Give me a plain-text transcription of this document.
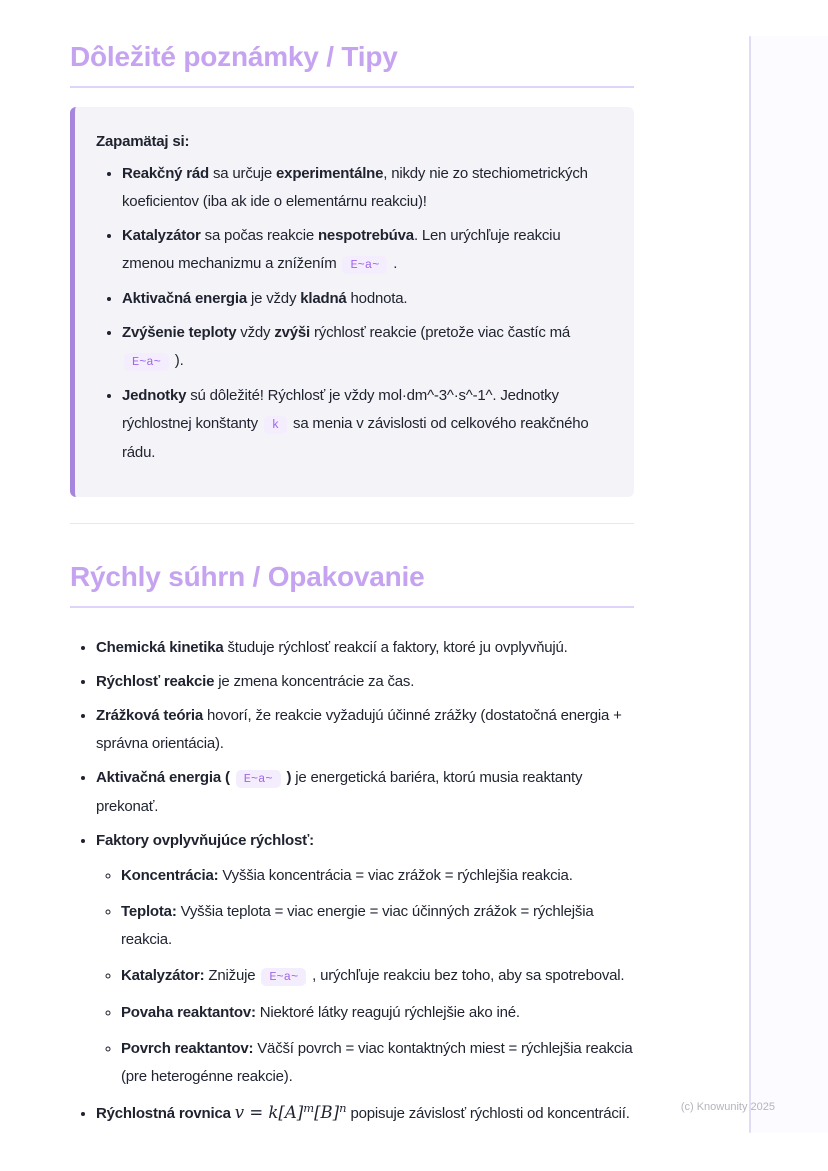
Dôležité poznámky / Tipy

Zapamätaj si:

• Reakčný rád sa určuje experimentálne, nikdy nie zo stechiometrických koeficientov (iba ak ide o elementárnu reakciu)!
• Katalyzátor sa počas reakcie nespotrebúva. Len urýchľuje reakciu zmenou mechanizmu a znížením E~a~ .
• Aktivačná energia je vždy kladná hodnota.
• Zvýšenie teploty vždy zvýši rýchlosť reakcie (pretože viac častíc má E~a~ ).
• Jednotky sú dôležité! Rýchlosť je vždy mol·dm^-3^·s^-1^. Jednotky rýchlostnej konštanty k sa menia v závislosti od celkového reakčného rádu.
Rýchly súhrn / Opakovanie
• Chemická kinetika študuje rýchlosť reakcií a faktory, ktoré ju ovplyvňujú.
• Rýchlosť reakcie je zmena koncentrácie za čas.
• Zrážková teória hovorí, že reakcie vyžadujú účinné zrážky (dostatočná energia + správna orientácia).
• Aktivačná energia ( E~a~ ) je energetická bariéra, ktorú musia reaktanty prekonať.
• Faktory ovplyvňujúce rýchlosť:
◦ Koncentrácia: Vyššia koncentrácia = viac zrážok = rýchlejšia reakcia.
◦ Teplota: Vyššia teplota = viac energie = viac účinných zrážok = rýchlejšia reakcia.
◦ Katalyzátor: Znižuje E~a~ , urýchľuje reakciu bez toho, aby sa spotreboval.
◦ Povaha reaktantov: Niektoré látky reagujú rýchlejšie ako iné.
◦ Povrch reaktantov: Väčší povrch = viac kontaktných miest = rýchlejšia reakcia (pre heterogénne reakcie).
• Rýchlostná rovnica $v = k[A]^m[B]^n$ popisuje závislosť rýchlosti od koncentrácií.	(c) Knowunity 2025
